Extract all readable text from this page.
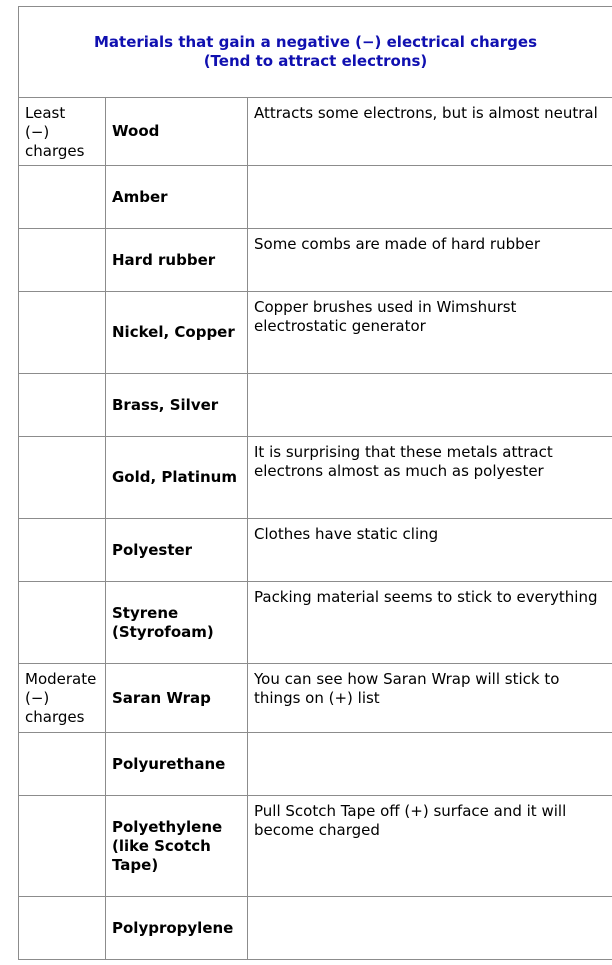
Materials that gain a negative (−) electrical charges
(Tend to attract electrons)		

Least (−) charges	Wood	Attracts some electrons, but is almost neutral
	Amber	
	Hard rubber	Some combs are made of hard rubber
	Nickel, Copper	Copper brushes used in Wimshurst electrostatic generator
	Brass, Silver	
	Gold, Platinum	It is surprising that these metals attract electrons almost as much as polyester
	Polyester	Clothes have static cling
	Styrene (Styrofoam)	Packing material seems to stick to everything
Moderate (−) charges	Saran Wrap	You can see how Saran Wrap will stick to things on (+) list
	Polyurethane	
	Polyethylene (like Scotch Tape)	Pull Scotch Tape off (+) surface and it will become charged
	Polypropylene	
